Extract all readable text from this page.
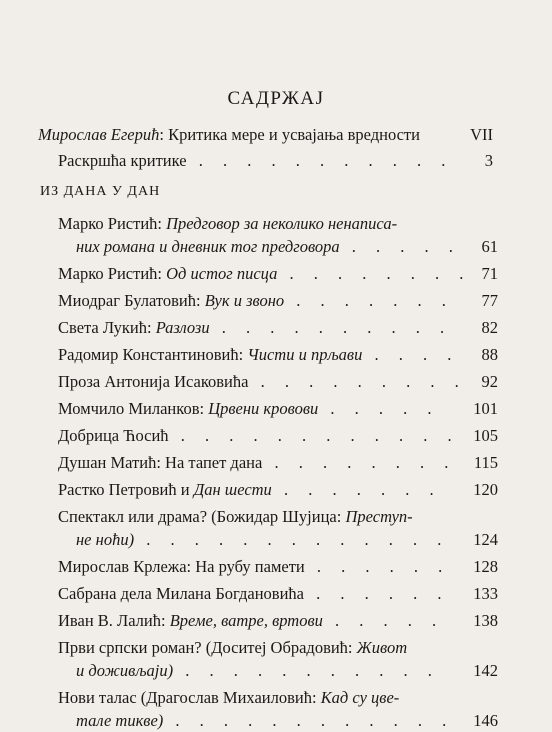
САДРЖАЈ
Мирослав Егерић: Критика мере и усвајања вредности	VII
Раскршћа критике . . . . . . . . . . . 3
ИЗ ДАНА У ДАН
Марко Ристић: Предговор за неколико ненаписа-
них романа и дневник тог предговора . . . . . 61
Марко Ристић: Од истог писца . . . . . . . . 71
Миодраг Булатовић: Вук и звоно . . . . . . . 77
Света Лукић: Разлози . . . . . . . . . . 82
Радомир Константиновић: Чисти и прљави . . . . 88
Проза Антонија Исаковића . . . . . . . . . 92
Момчило Миланков: Црвени кровови . . . . . 101
Добрица Ћосић . . . . . . . . . . . . 105
Душан Матић: На тапет дана . . . . . . . . 115
Растко Петровић и Дан шести . . . . . . . 120
Спектакл или драма? (Божидар Шујица: Преступ-
не ноћи) . . . . . . . . . . . . . 124
Мирослав Крлежа: На рубу памети . . . . . . 128
Сабрана дела Милана Богдановића . . . . . . 133
Иван В. Лалић: Време, ватре, вртови . . . . . 138
Први српски роман? (Доситеј Обрадовић: Живот
и доживљаји) . . . . . . . . . . . 142
Нови талас (Драгослав Михаиловић: Кад су цве-
тале тикве) . . . . . . . . . . . . 146
